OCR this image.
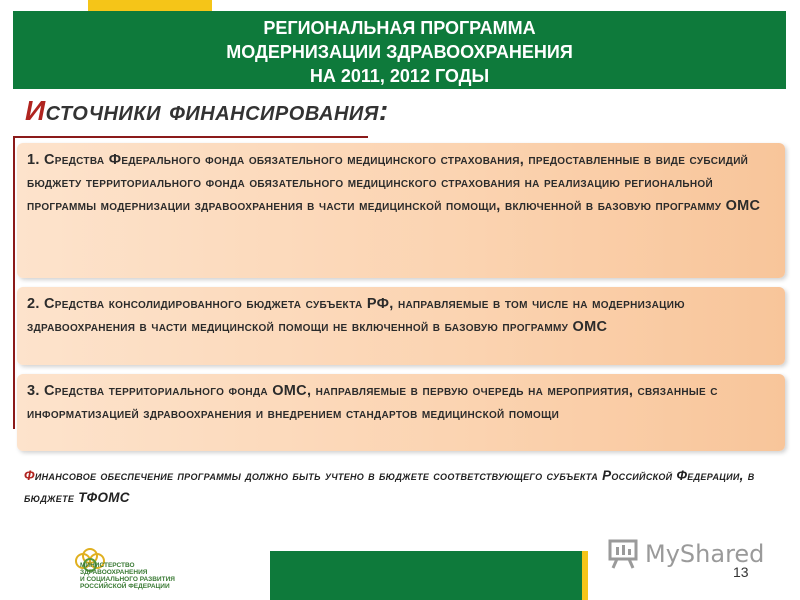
РЕГИОНАЛЬНАЯ ПРОГРАММА
МОДЕРНИЗАЦИИ ЗДРАВООХРАНЕНИЯ
НА 2011, 2012 ГОДЫ
Источники финансирования:
1. Средства Федерального фонда обязательного медицинского страхования, предоставленные в виде субсидий бюджету территориального фонда обязательного медицинского страхования на реализацию региональной программы модернизации здравоохранения в части медицинской помощи, включенной в базовую программу ОМС
2. Средства консолидированного бюджета субъекта РФ, направляемые в том числе на модернизацию здравоохранения в части медицинской помощи не включенной в базовую программу ОМС
3. Средства территориального фонда ОМС, направляемые в первую очередь на мероприятия, связанные с информатизацией здравоохранения и внедрением стандартов медицинской помощи
Финансовое обеспечение программы должно быть учтено в бюджете соответствующего субъекта Российской Федерации, в бюджете ТФОМС
МИНИСТЕРСТВО
ЗДРАВООХРАНЕНИЯ
И СОЦИАЛЬНОГО РАЗВИТИЯ
РОССИЙСКОЙ ФЕДЕРАЦИИ
MyShared
13
